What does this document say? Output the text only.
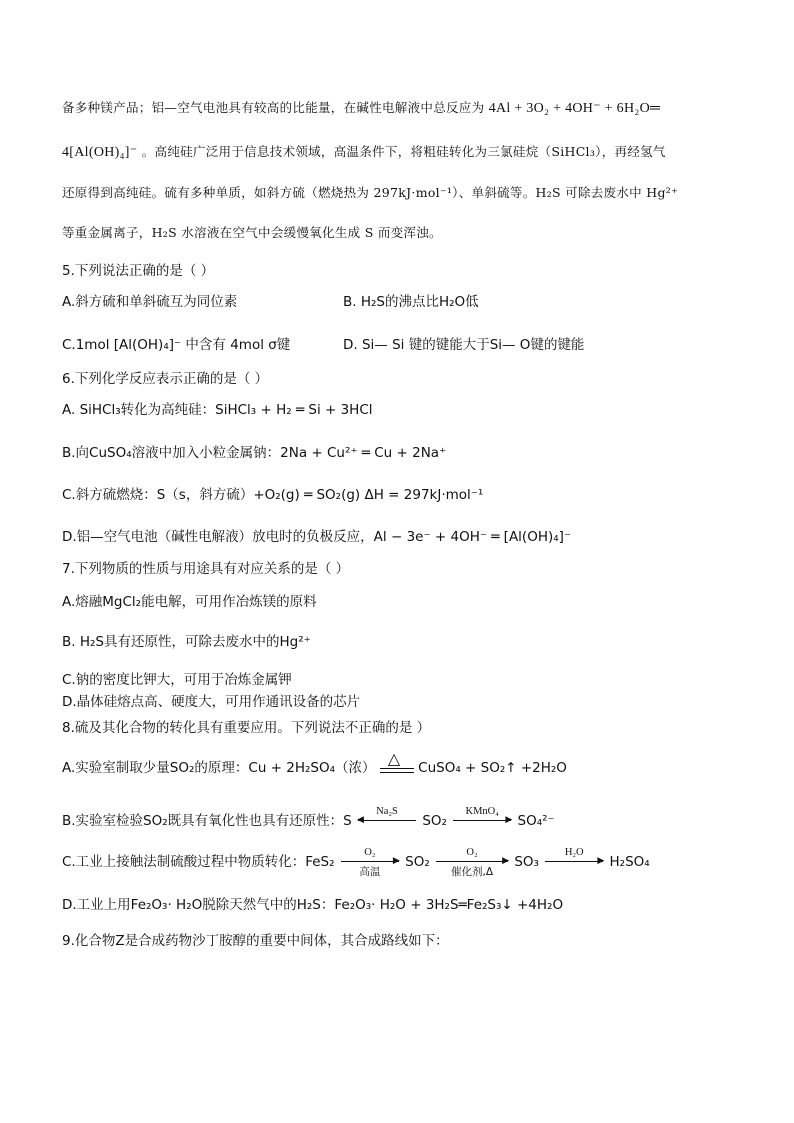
备多种镁产品；铝—空气电池具有较高的比能量，在碱性电解液中总反应为 4Al + 3O₂ + 4OH⁻ + 6H₂O═
4[Al(OH)₄]⁻ 。高纯硅广泛用于信息技术领域，高温条件下，将粗硅转化为三氯硅烷（SiHCl₃），再经氢气
还原得到高纯硅。硫有多种单质，如斜方硫（燃烧热为 297kJ·mol⁻¹）、单斜硫等。H₂S 可除去废水中 Hg²⁺
等重金属离子，H₂S 水溶液在空气中会缓慢氧化生成 S 而变浑浊。
5.下列说法正确的是（ ）
A.斜方硫和单斜硫互为同位素	B. H₂S的沸点比H₂O低
C.1mol [Al(OH)₄]⁻ 中含有 4mol σ键	D. Si— Si 键的键能大于Si— O键的键能
6.下列化学反应表示正确的是（ ）
A. SiHCl₃转化为高纯硅：SiHCl₃ + H₂ ═ Si + 3HCl
B.向CuSO₄溶液中加入小粒金属钠：2Na + Cu²⁺ ═ Cu + 2Na⁺
C.斜方硫燃烧：S（s，斜方硫）+O₂(g) ═ SO₂(g) ΔH = 297kJ·mol⁻¹
D.铝—空气电池（碱性电解液）放电时的负极反应，Al − 3e⁻ + 4OH⁻ ═ [Al(OH)₄]⁻
7.下列物质的性质与用途具有对应关系的是（ ）
A.熔融MgCl₂能电解，可用作冶炼镁的原料
B. H₂S具有还原性，可除去废水中的Hg²⁺
C.钠的密度比钾大，可用于冶炼金属钾
D.晶体硅熔点高、硬度大，可用作通讯设备的芯片
8.硫及其化合物的转化具有重要应用。下列说法不正确的是 ）
A.实验室制取少量SO₂的原理：Cu + 2H₂SO₄（浓） △ CuSO₄ + SO₂↑ +2H₂O
B.实验室检验SO₂既具有氧化性也具有还原性：S
Na₂S
◀	SO₂
KMnO₄
▶ SO₄²⁻
C.工业上接触法制硫酸过程中物质转化：FeS₂
O₂
▶
高温
SO₂
O₂
▶
催化剂,Δ
SO₃
H₂O
▶ H₂SO₄
D.工业上用Fe₂O₃· H₂O脱除天然气中的H₂S：Fe₂O₃· H₂O + 3H₂S═Fe₂S₃↓ +4H₂O
9.化合物Z是合成药物沙丁胺醇的重要中间体，其合成路线如下：
